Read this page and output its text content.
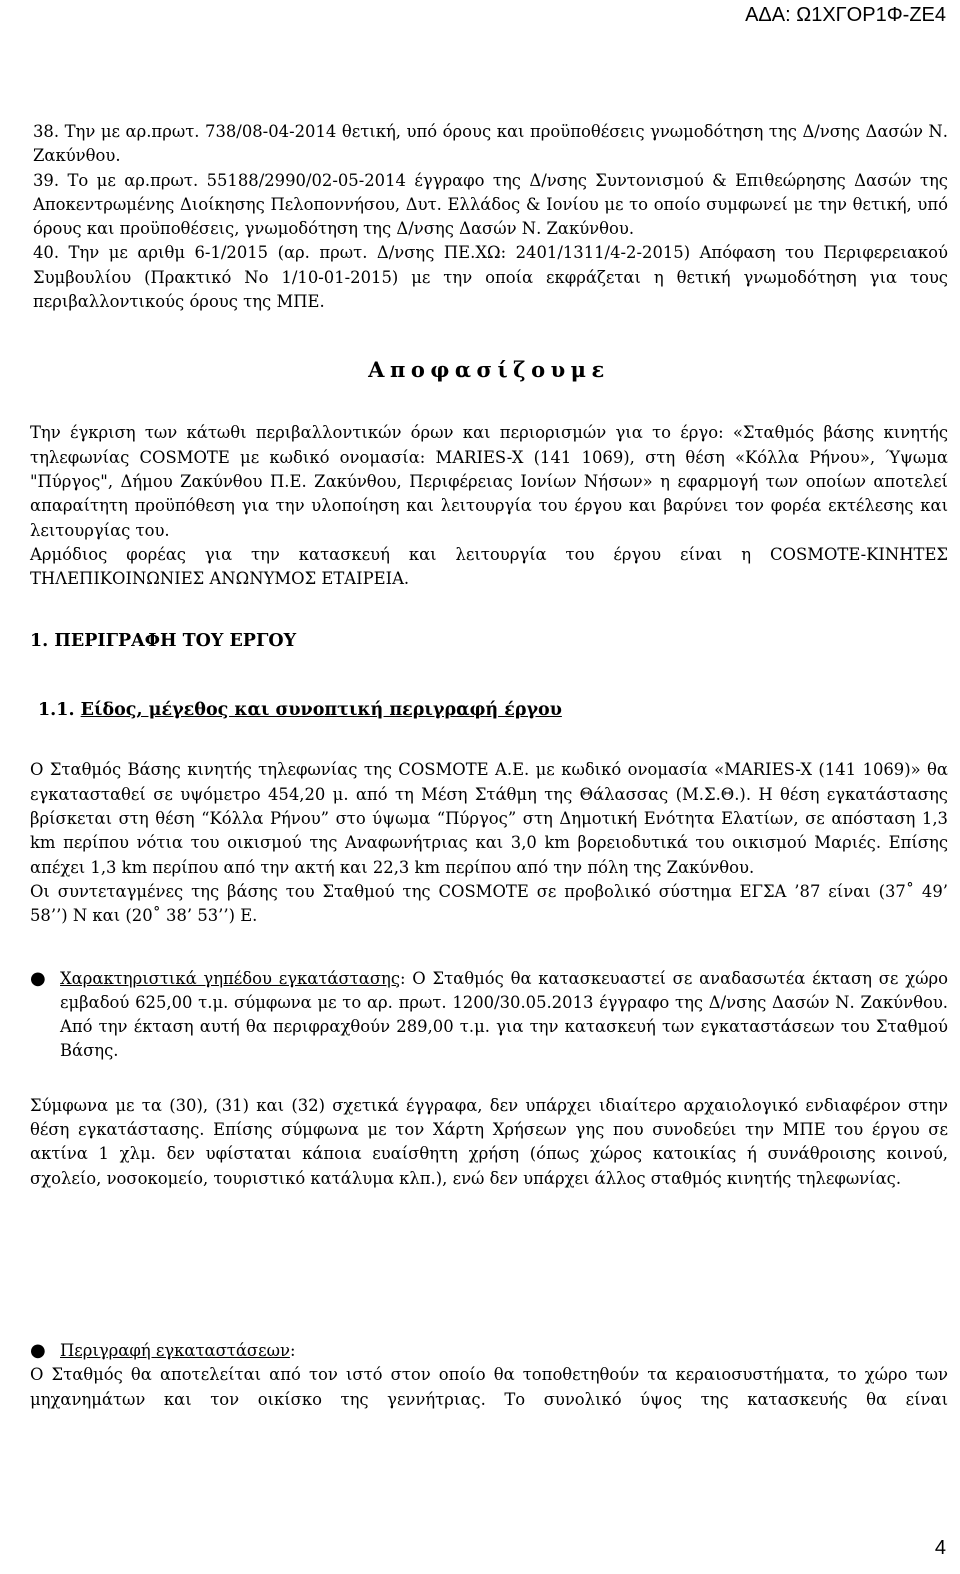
ΑΔΑ: Ω1ΧΓΟΡ1Φ-ΖΕ4

38. Την με αρ.πρωτ. 738/08-04-2014 θετική, υπό όρους και προϋποθέσεις γνωμοδότηση της Δ/νσης Δασών Ν. Ζακύνθου.

39. Το με αρ.πρωτ. 55188/2990/02-05-2014 έγγραφο της Δ/νσης Συντονισμού & Επιθεώρησης Δασών της Αποκεντρωμένης Διοίκησης Πελοποννήσου, Δυτ. Ελλάδος & Ιονίου με το οποίο συμφωνεί με την θετική, υπό όρους και προϋποθέσεις, γνωμοδότηση της Δ/νσης Δασών Ν. Ζακύνθου.

40. Την με αριθμ 6-1/2015 (αρ. πρωτ. Δ/νσης ΠΕ.ΧΩ: 2401/1311/4-2-2015) Απόφαση του Περιφερειακού Συμβουλίου (Πρακτικό Νο 1/10-01-2015) με την οποία εκφράζεται η θετική γνωμοδότηση για τους περιβαλλοντικούς όρους της ΜΠΕ.

Αποφασίζουμε

Την έγκριση των κάτωθι περιβαλλοντικών όρων και περιορισμών για το έργο: «Σταθμός βάσης κινητής τηλεφωνίας COSMOTE με κωδικό ονομασία: MARIES-X (141 1069), στη θέση «Κόλλα Ρήνου», Ύψωμα "Πύργος", Δήμου Ζακύνθου Π.Ε. Ζακύνθου, Περιφέρειας Ιονίων Νήσων» η εφαρμογή των οποίων αποτελεί απαραίτητη προϋπόθεση για την υλοποίηση και λειτουργία του έργου και βαρύνει τον φορέα εκτέλεσης και λειτουργίας του.

Αρμόδιος φορέας για την κατασκευή και λειτουργία του έργου είναι η COSMOTE-ΚΙΝΗΤΕΣ ΤΗΛΕΠΙΚΟΙΝΩΝΙΕΣ ΑΝΩΝΥΜΟΣ ΕΤΑΙΡΕΙΑ.

1. ΠΕΡΙΓΡΑΦΗ ΤΟΥ ΕΡΓΟΥ
1.1. Είδος, μέγεθος και συνοπτική περιγραφή έργου

Ο Σταθμός Βάσης κινητής τηλεφωνίας της COSMOTE Α.Ε. με κωδικό ονομασία «MARIES-X (141 1069)» θα εγκατασταθεί σε υψόμετρο 454,20 μ. από τη Μέση Στάθμη της Θάλασσας (Μ.Σ.Θ.). Η θέση εγκατάστασης βρίσκεται στη θέση “Κόλλα Ρήνου” στο ύψωμα “Πύργος” στη Δημοτική Ενότητα Ελατίων, σε απόσταση 1,3 km περίπου νότια του οικισμού της Αναφωνήτριας και 3,0 km βορειοδυτικά του οικισμού Μαριές. Επίσης απέχει 1,3 km περίπου από την ακτή και 22,3 km περίπου από την πόλη της Ζακύνθου.

Οι συντεταγμένες της βάσης του Σταθμού της COSMOTE σε προβολικό σύστημα ΕΓΣΑ ’87 είναι (37˚ 49’ 58’’) Ν και (20˚ 38’ 53’’) Ε.

● Χαρακτηριστικά γηπέδου εγκατάστασης: Ο Σταθμός θα κατασκευαστεί σε αναδασωτέα έκταση σε χώρο εμβαδού 625,00 τ.μ. σύμφωνα με το αρ. πρωτ. 1200/30.05.2013 έγγραφο της Δ/νσης Δασών Ν. Ζακύνθου. Από την έκταση αυτή θα περιφραχθούν 289,00 τ.μ. για την κατασκευή των εγκαταστάσεων του Σταθμού Βάσης.

Σύμφωνα με τα (30), (31) και (32) σχετικά έγγραφα, δεν υπάρχει ιδιαίτερο αρχαιολογικό ενδιαφέρον στην θέση εγκατάστασης. Επίσης σύμφωνα με τον Χάρτη Χρήσεων γης που συνοδεύει την ΜΠΕ του έργου σε ακτίνα 1 χλμ. δεν υφίσταται κάποια ευαίσθητη χρήση (όπως χώρος κατοικίας ή συνάθροισης κοινού, σχολείο, νοσοκομείο, τουριστικό κατάλυμα κλπ.), ενώ δεν υπάρχει άλλος σταθμός κινητής τηλεφωνίας.

● Περιγραφή εγκαταστάσεων:

Ο Σταθμός θα αποτελείται από τον ιστό στον οποίο θα τοποθετηθούν τα κεραιοσυστήματα, το χώρο των μηχανημάτων και τον οικίσκο της γεννήτριας. Το συνολικό ύψος της κατασκευής θα είναι

4
